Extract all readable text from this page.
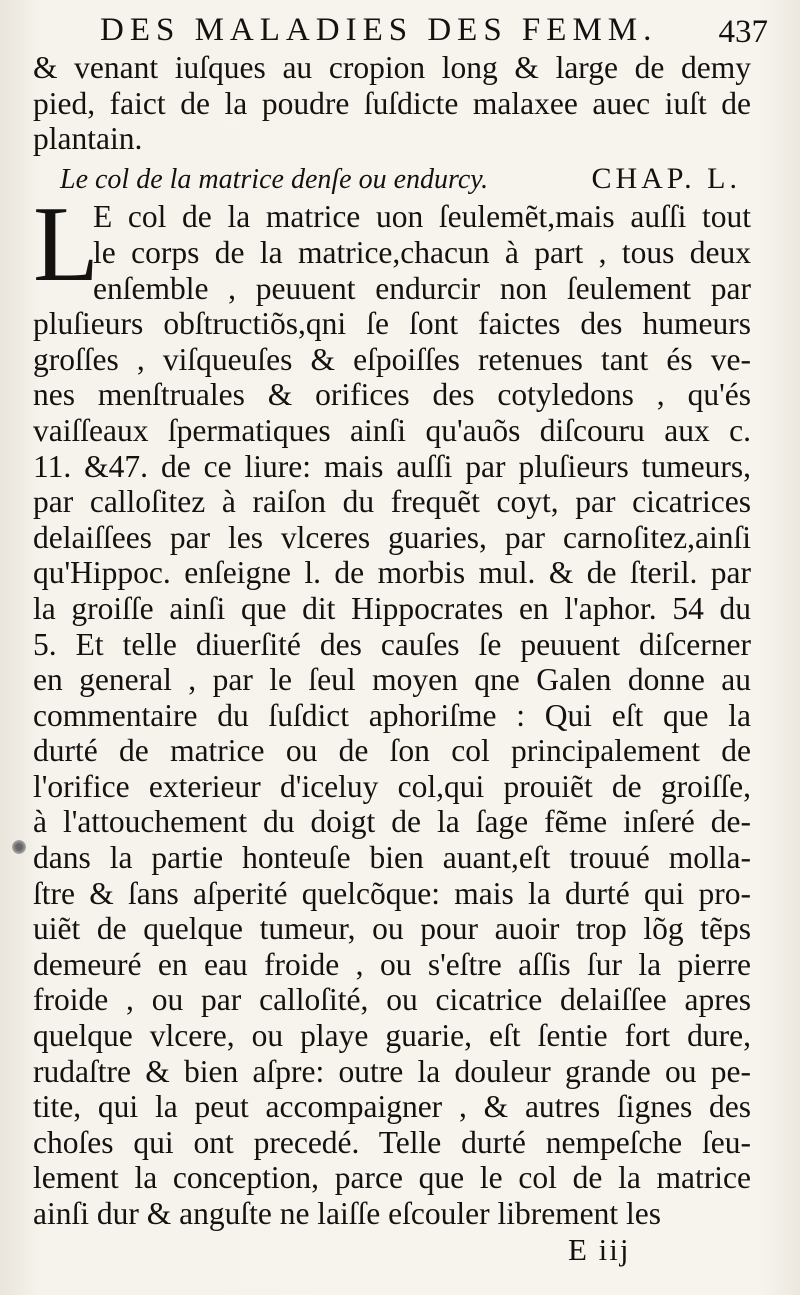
DES MALADIES DES FEMM. 437
& venant iuſques au cropion long & large de demy
pied, faict de la poudre ſuſdicte malaxee auec iuſt de
plantain.
Le col de la matrice denſe ou endurcy.	CHAP. L.
L
E col de la matrice uon ſeulemẽt,mais auſſi tout
le corps de la matrice,chacun à part , tous deux
enſemble , peuuent endurcir non ſeulement par
pluſieurs obſtructiõs,qni ſe ſont faictes des humeurs
groſſes , viſqueuſes & eſpoiſſes retenues tant és ve-
nes menſtruales & orifices des cotyledons , qu'és
vaiſſeaux ſpermatiques ainſi qu'auõs diſcouru aux c.
11. &47. de ce liure: mais auſſi par pluſieurs tumeurs,
par calloſitez à raiſon du frequẽt coyt, par cicatrices
delaiſſees par les vlceres guaries, par carnoſitez,ainſi
qu'Hippoc. enſeigne l. de morbis mul. & de ſteril. par
la groiſſe ainſi que dit Hippocrates en l'aphor. 54 du
5. Et telle diuerſité des cauſes ſe peuuent diſcerner
en general , par le ſeul moyen qne Galen donne au
commentaire du ſuſdict aphoriſme : Qui eſt que la
durté de matrice ou de ſon col principalement de
l'orifice exterieur d'iceluy col,qui prouiẽt de groiſſe,
à l'attouchement du doigt de la ſage fẽme inſeré de-
dans la partie honteuſe bien auant,eſt trouué molla-
ſtre & ſans aſperité quelcõque: mais la durté qui pro-
uiẽt de quelque tumeur, ou pour auoir trop lõg tẽps
demeuré en eau froide , ou s'eſtre aſſis ſur la pierre
froide , ou par calloſité, ou cicatrice delaiſſee apres
quelque vlcere, ou playe guarie, eſt ſentie fort dure,
rudaſtre & bien aſpre: outre la douleur grande ou pe-
tite, qui la peut accompaigner , & autres ſignes des
choſes qui ont precedé. Telle durté nempeſche ſeu-
lement la conception, parce que le col de la matrice
ainſi dur & anguſte ne laiſſe eſcouler librement les
E iij
